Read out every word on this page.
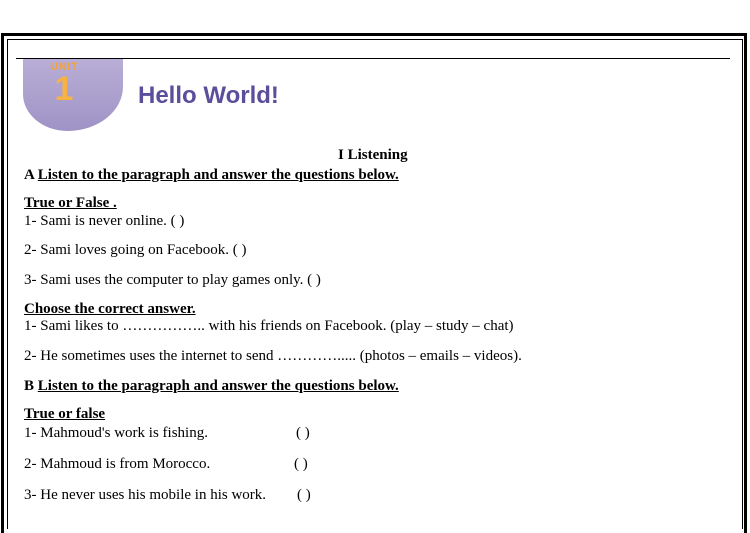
UNIT
1	Hello World!
I Listening
A Listen to the paragraph and answer the questions below.
True or False .
1- Sami is never online. ( )
2- Sami loves going on Facebook. ( )
3- Sami uses the computer to play games only. ( )
Choose the correct answer.
1- Sami likes to …………….. with his friends on Facebook. (play – study – chat)
2- He sometimes uses the internet to send …………..... (photos – emails – videos).
B Listen to the paragraph and answer the questions below.
True or false
1- Mahmoud's work is fishing.	( )
2- Mahmoud is from Morocco.	( )
3- He never uses his mobile in his work. ( )
